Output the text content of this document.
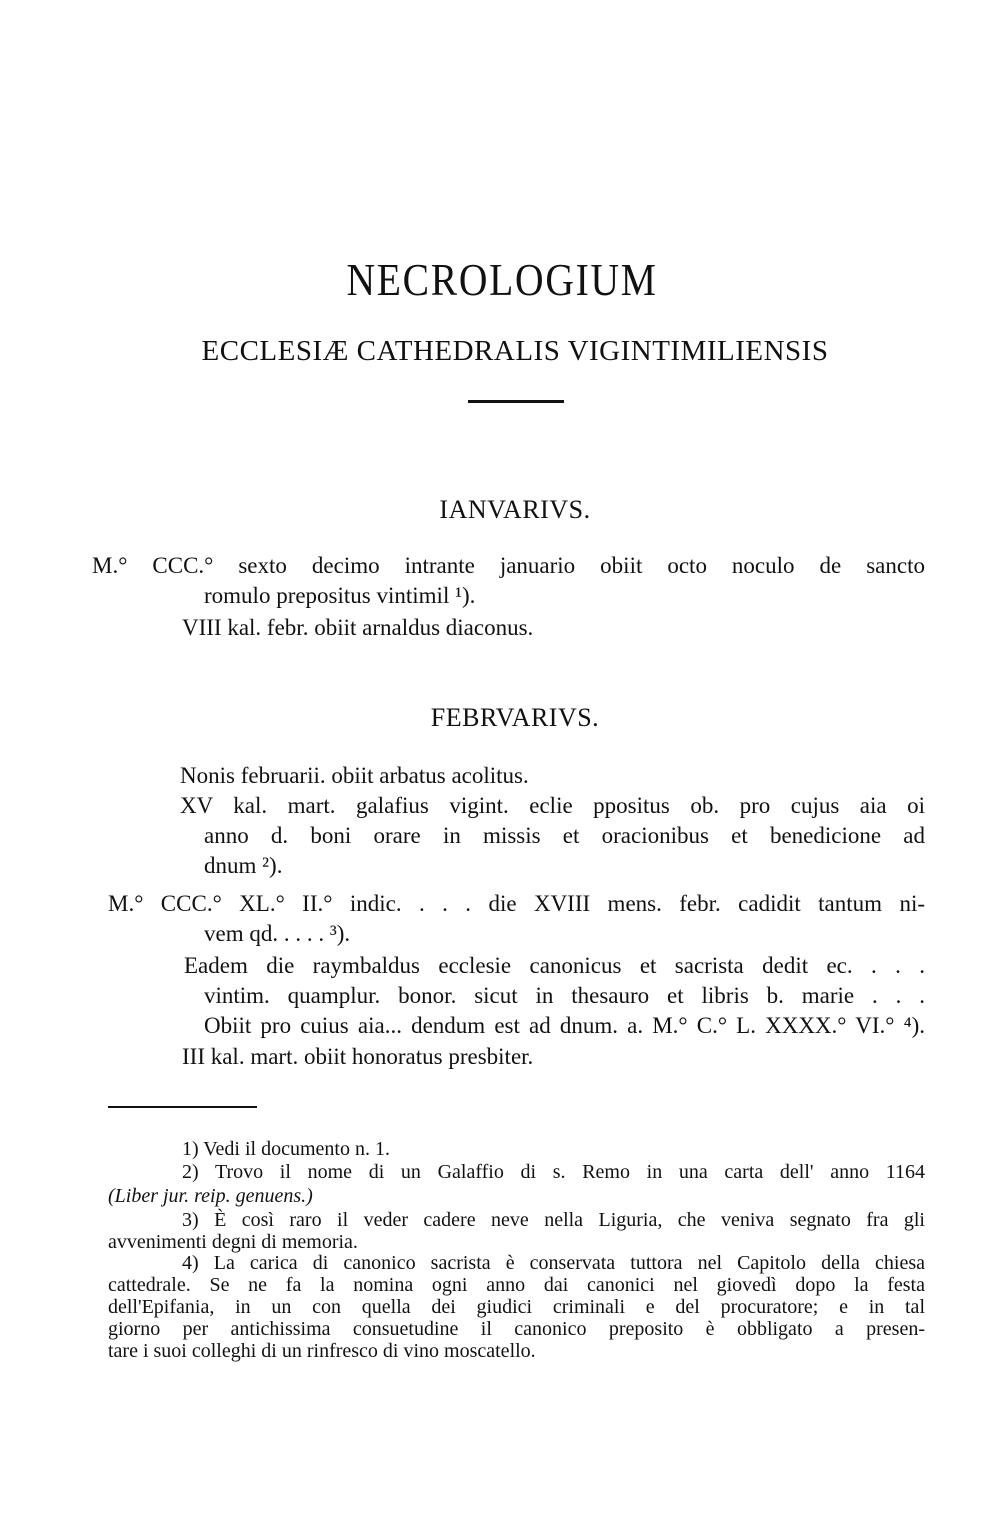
NECROLOGIUM
ECCLESIÆ CATHEDRALIS VIGINTIMILIENSIS
IANVARIVS.
M.° CCC.° sexto decimo intrante januario obiit octo noculo de sancto
romulo prepositus vintimil ¹).
VIII kal. febr. obiit arnaldus diaconus.
FEBRVARIVS.
Nonis februarii. obiit arbatus acolitus.
XV kal. mart. galafius vigint. eclie ppositus ob. pro cujus aia oi
anno d. boni orare in missis et oracionibus et benedicione ad
dnum ²).
M.° CCC.° XL.° II.° indic. . . . die XVIII mens. febr. cadidit tantum ni-
vem qd. . . . . ³).
Eadem die raymbaldus ecclesie canonicus et sacrista dedit ec. . . .
vintim. quamplur. bonor. sicut in thesauro et libris b. marie . . .
Obiit pro cuius aia... dendum est ad dnum. a. M.° C.° L. XXXX.° VI.° ⁴).
III kal. mart. obiit honoratus presbiter.
1) Vedi il documento n. 1.
2) Trovo il nome di un Galaffio di s. Remo in una carta dell' anno 1164
(Liber jur. reip. genuens.)
3) È così raro il veder cadere neve nella Liguria, che veniva segnato fra gli
avvenimenti degni di memoria.
4) La carica di canonico sacrista è conservata tuttora nel Capitolo della chiesa
cattedrale. Se ne fa la nomina ogni anno dai canonici nel giovedì dopo la festa
dell'Epifania, in un con quella dei giudici criminali e del procuratore; e in tal
giorno per antichissima consuetudine il canonico preposito è obbligato a presen-
tare i suoi colleghi di un rinfresco di vino moscatello.
